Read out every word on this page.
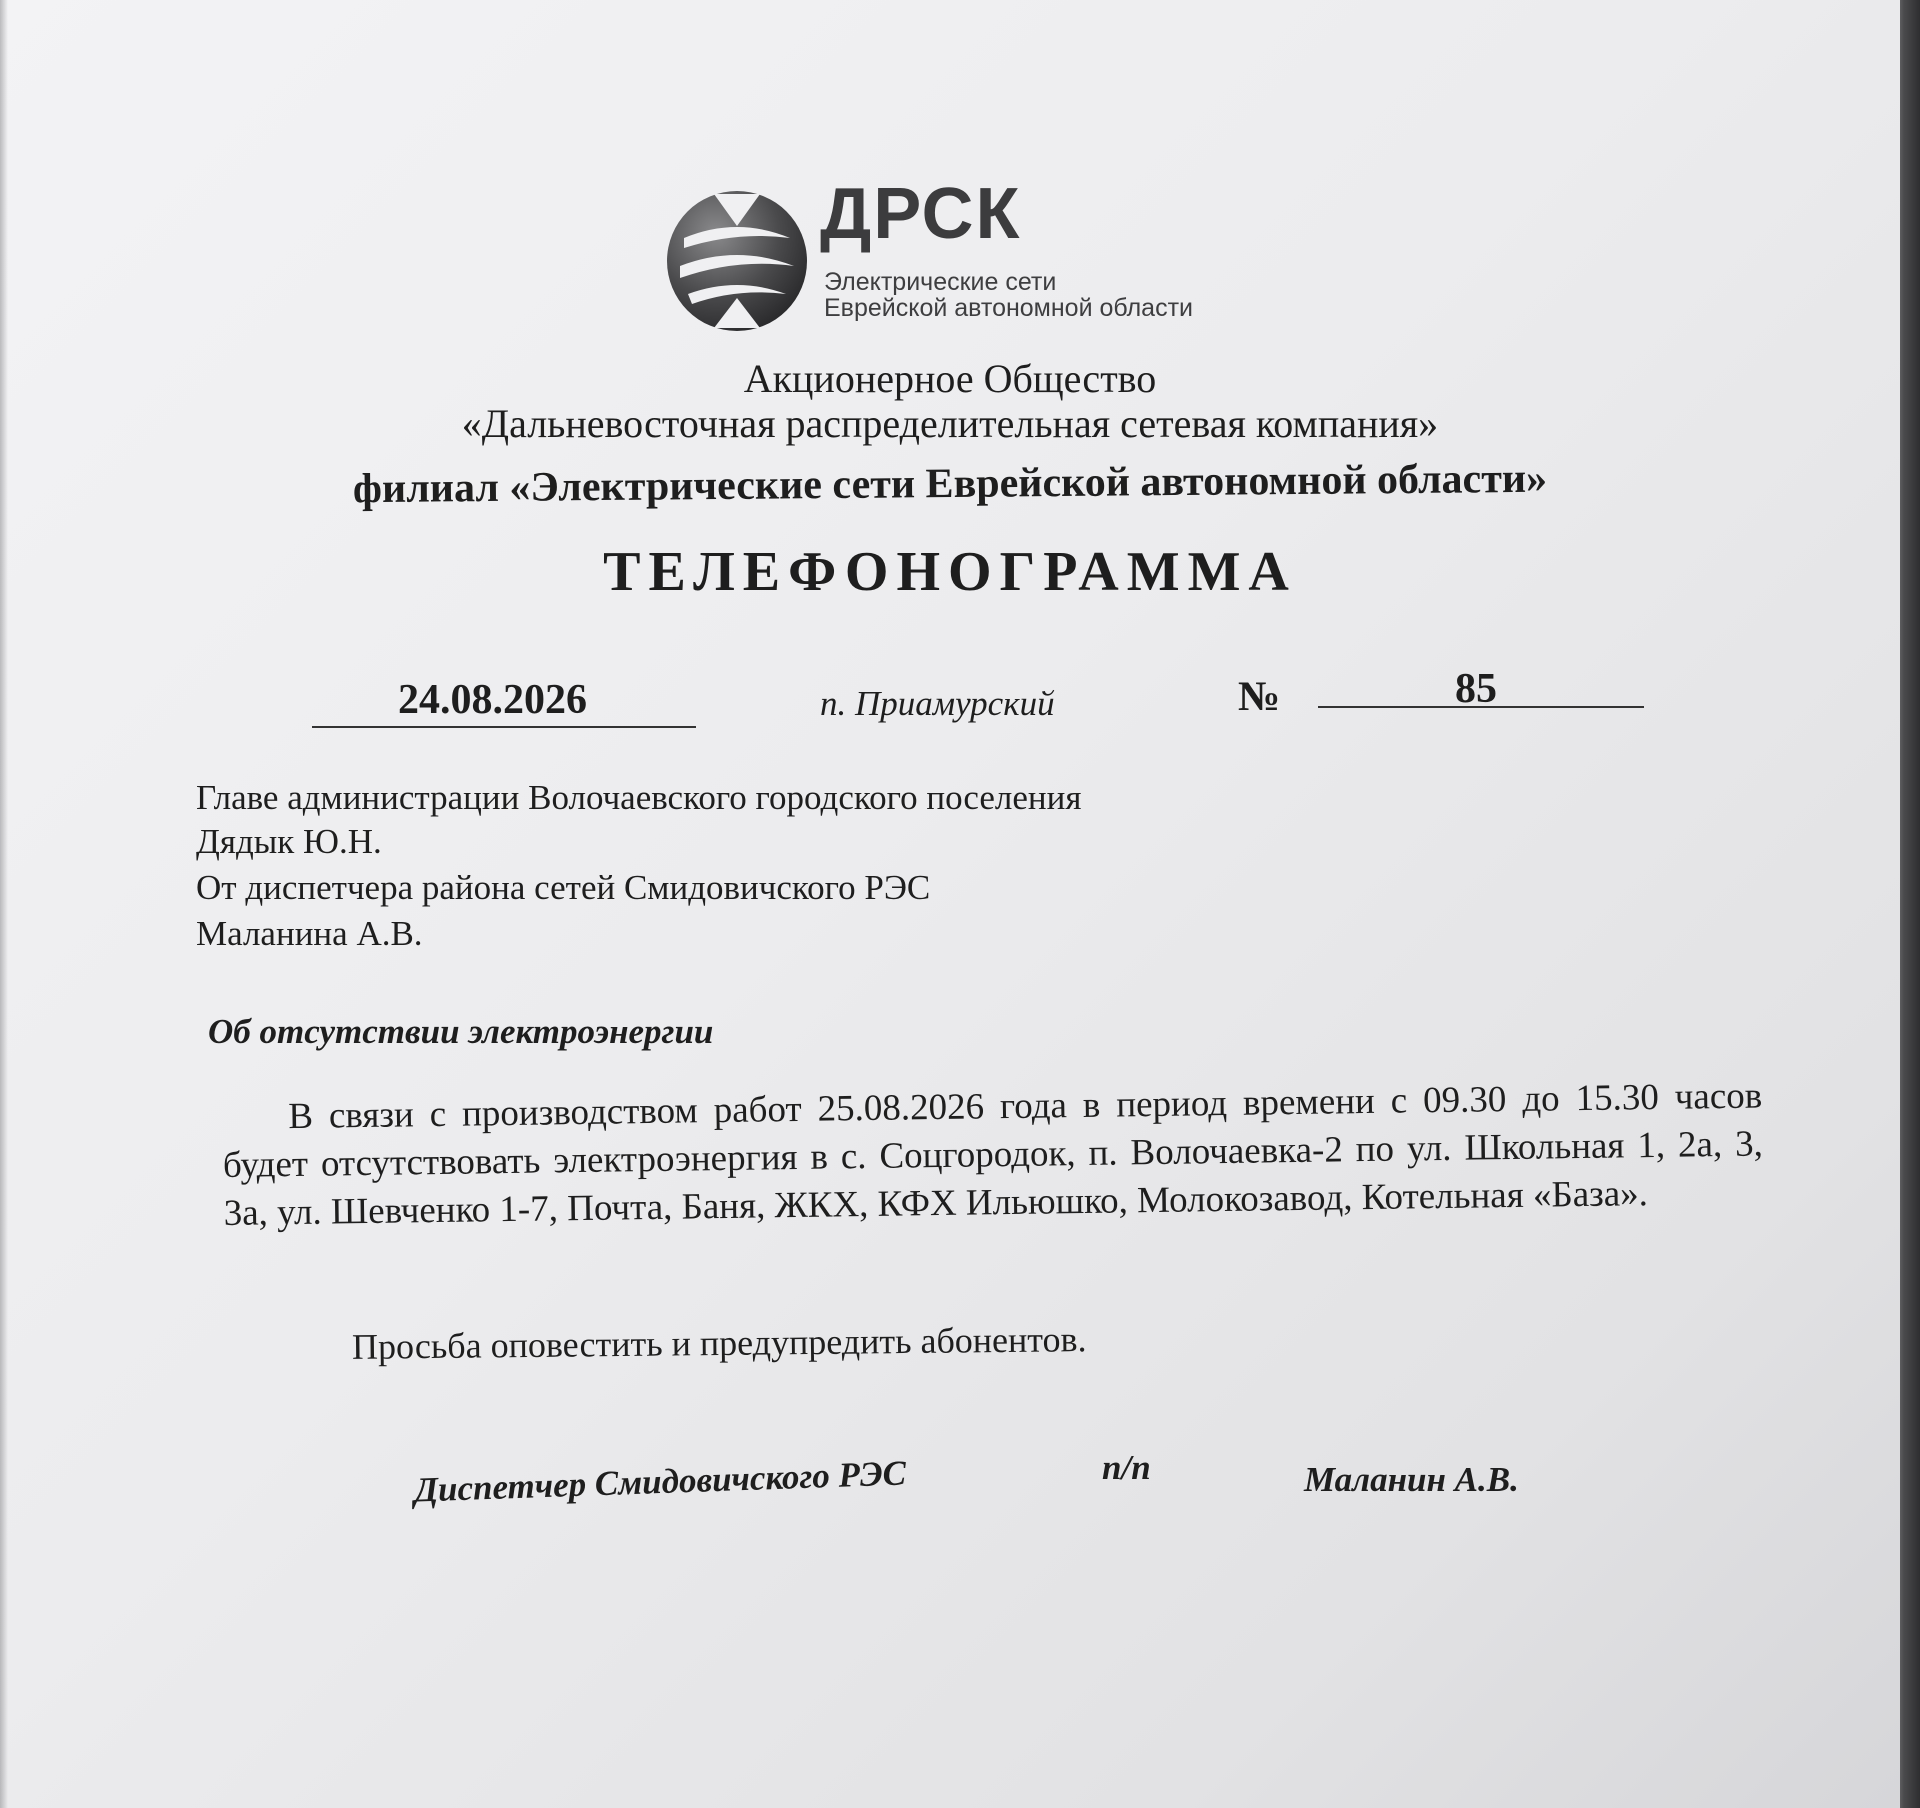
ДРСК
Электрические сети
Еврейской автономной области
Акционерное Общество
«Дальневосточная распределительная сетевая компания»
филиал «Электрические сети Еврейской автономной области»
ТЕЛЕФОНОГРАММА
24.08.2026	п. Приамурский	№	85
Главе администрации Волочаевского городского поселения
Дядык Ю.Н.
От диспетчера района сетей Смидовичского РЭС
Маланина А.В.
Об отсутствии электроэнергии
В связи с производством работ 25.08.2026 года в период времени с 09.30 до 15.30 часов будет отсутствовать электроэнергия в с. Соцгородок, п. Волочаевка-2 по ул. Школьная 1, 2а, 3, 3а, ул. Шевченко 1-7, Почта, Баня, ЖКХ, КФХ Ильюшко, Молокозавод, Котельная «База».
Просьба оповестить и предупредить абонентов.
Диспетчер Смидовичского РЭС	п/п	Маланин А.В.
